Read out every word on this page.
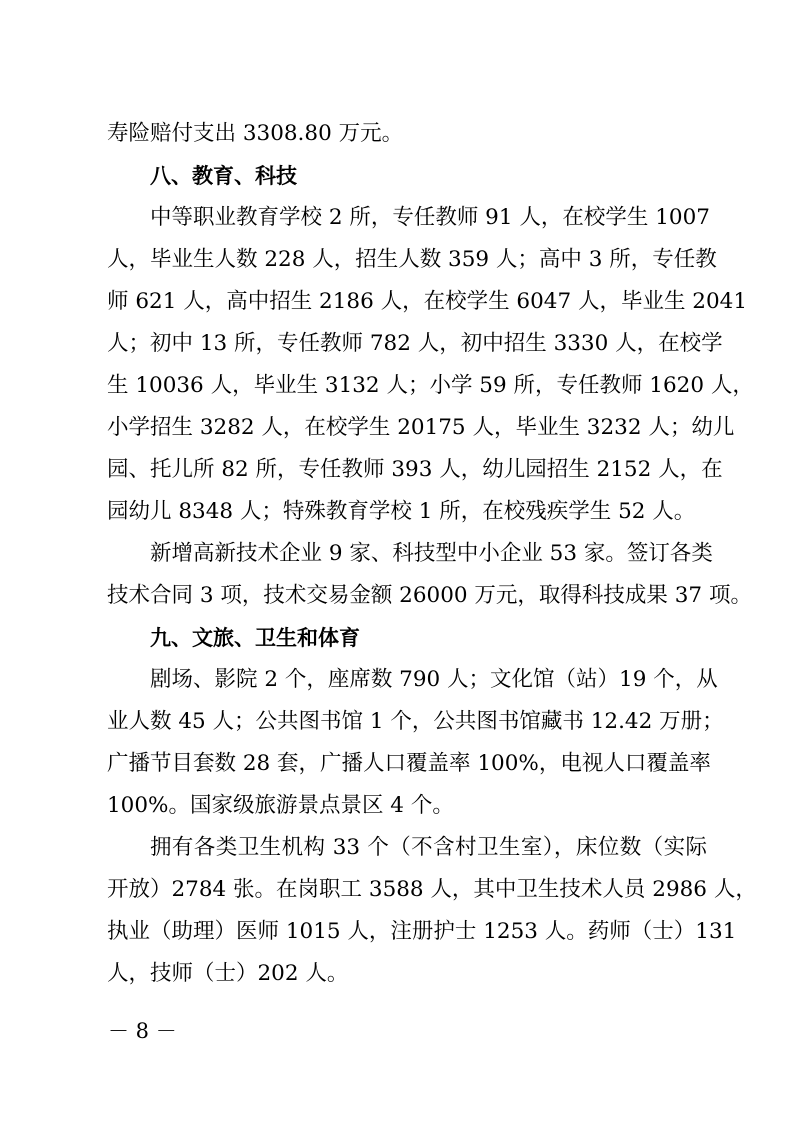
寿险赔付支出 3308.80 万元。
八、教育、科技
中等职业教育学校 2 所，专任教师 91 人，在校学生 1007
人，毕业生人数 228 人，招生人数 359 人；高中 3 所，专任教
师 621 人，高中招生 2186 人，在校学生 6047 人，毕业生 2041
人；初中 13 所，专任教师 782 人，初中招生 3330 人，在校学
生 10036 人，毕业生 3132 人；小学 59 所，专任教师 1620 人，
小学招生 3282 人，在校学生 20175 人，毕业生 3232 人；幼儿
园、托儿所 82 所，专任教师 393 人，幼儿园招生 2152 人，在
园幼儿 8348 人；特殊教育学校 1 所，在校残疾学生 52 人。
新增高新技术企业 9 家、科技型中小企业 53 家。签订各类
技术合同 3 项，技术交易金额 26000 万元，取得科技成果 37 项。
九、文旅、卫生和体育
剧场、影院 2 个，座席数 790 人；文化馆（站）19 个，从
业人数 45 人；公共图书馆 1 个，公共图书馆藏书 12.42 万册；
广播节目套数 28 套，广播人口覆盖率 100%，电视人口覆盖率
100%。国家级旅游景点景区 4 个。
拥有各类卫生机构 33 个（不含村卫生室），床位数（实际
开放）2784 张。在岗职工 3588 人，其中卫生技术人员 2986 人，
执业（助理）医师 1015 人，注册护士 1253 人。药师（士）131
人，技师（士）202 人。
－ 8 －
